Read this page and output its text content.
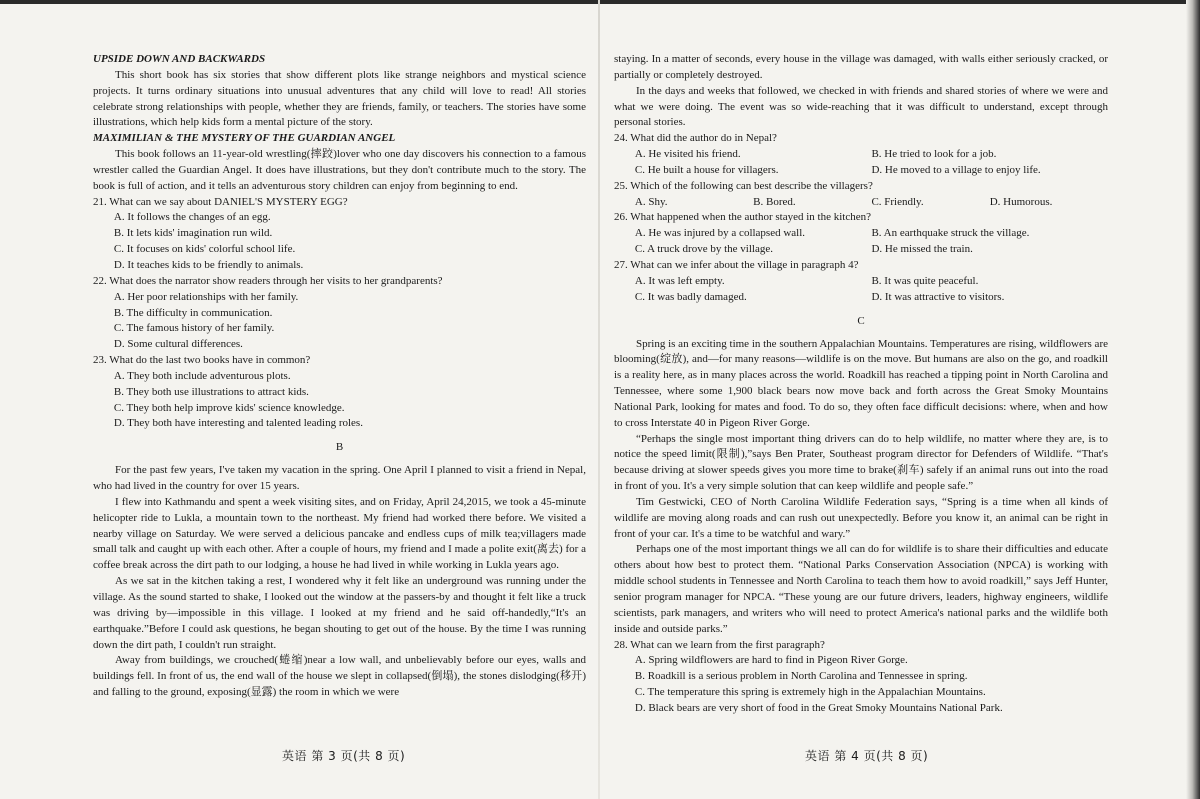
UPSIDE DOWN AND BACKWARDS

This short book has six stories that show different plots like strange neighbors and mystical science projects. It turns ordinary situations into unusual adventures that any child will love to read! All stories celebrate strong relationships with people, whether they are friends, family, or teachers. The stories have some illustrations, which help kids form a mental picture of the story.

MAXIMILIAN & THE MYSTERY OF THE GUARDIAN ANGEL

This book follows an 11-year-old wrestling(摔跤)lover who one day discovers his connection to a famous wrestler called the Guardian Angel. It does have illustrations, but they don't contribute much to the story. The book is full of action, and it tells an adventurous story children can enjoy from beginning to end.

21. What can we say about DANIEL'S MYSTERY EGG?
A. It follows the changes of an egg.
B. It lets kids' imagination run wild.
C. It focuses on kids' colorful school life.
D. It teaches kids to be friendly to animals.
22. What does the narrator show readers through her visits to her grandparents?
A. Her poor relationships with her family.
B. The difficulty in communication.
C. The famous history of her family.
D. Some cultural differences.
23. What do the last two books have in common?
A. They both include adventurous plots.
B. They both use illustrations to attract kids.
C. They both help improve kids' science knowledge.
D. They both have interesting and talented leading roles.
B

For the past few years, I've taken my vacation in the spring. One April I planned to visit a friend in Nepal, who had lived in the country for over 15 years.

I flew into Kathmandu and spent a week visiting sites, and on Friday, April 24,2015, we took a 45-minute helicopter ride to Lukla, a mountain town to the northeast. My friend had worked there before. We visited a nearby village on Saturday. We were served a delicious pancake and endless cups of milk tea;villagers made small talk and caught up with each other. After a couple of hours, my friend and I made a polite exit(离去) for a coffee break across the dirt path to our lodging, a house he had lived in while working in Lukla years ago.

As we sat in the kitchen taking a rest, I wondered why it felt like an underground was running under the village. As the sound started to shake, I looked out the window at the passers-by and thought it felt like a truck was driving by—impossible in this village. I looked at my friend and he said off-handedly,“It's an earthquake.”Before I could ask questions, he began shouting to get out of the house. By the time I was running down the dirt path, I couldn't run straight.

Away from buildings, we crouched(蜷缩)near a low wall, and unbelievably before our eyes, walls and buildings fell. In front of us, the end wall of the house we slept in collapsed(倒塌), the stones dislodging(移开) and falling to the ground, exposing(显露) the room in which we were

staying. In a matter of seconds, every house in the village was damaged, with walls either seriously cracked, or partially or completely destroyed.

In the days and weeks that followed, we checked in with friends and shared stories of where we were and what we were doing. The event was so wide-reaching that it was difficult to understand, except through personal stories.

24. What did the author do in Nepal?
A. He visited his friend.	B. He tried to look for a job.
C. He built a house for villagers.	D. He moved to a village to enjoy life.
25. Which of the following can best describe the villagers?
A. Shy.	B. Bored.	C. Friendly.	D. Humorous.
26. What happened when the author stayed in the kitchen?
A. He was injured by a collapsed wall.	B. An earthquake struck the village.
C. A truck drove by the village.	D. He missed the train.
27. What can we infer about the village in paragraph 4?
A. It was left empty.	B. It was quite peaceful.
C. It was badly damaged.	D. It was attractive to visitors.
C

Spring is an exciting time in the southern Appalachian Mountains. Temperatures are rising, wildflowers are blooming(绽放), and—for many reasons—wildlife is on the move. But humans are also on the go, and roadkill is a reality here, as in many places across the world. Roadkill has reached a tipping point in North Carolina and Tennessee, where some 1,900 black bears now move back and forth across the Great Smoky Mountains National Park, looking for mates and food. To do so, they often face difficult decisions: where, when and how to cross Interstate 40 in Pigeon River Gorge.

“Perhaps the single most important thing drivers can do to help wildlife, no matter where they are, is to notice the speed limit(限制),”says Ben Prater, Southeast program director for Defenders of Wildlife. “That's because driving at slower speeds gives you more time to brake(刹车) safely if an animal runs out into the road in front of you. It's a very simple solution that can keep wildlife and people safe.”

Tim Gestwicki, CEO of North Carolina Wildlife Federation says, “Spring is a time when all kinds of wildlife are moving along roads and can rush out unexpectedly. Before you know it, an animal can be right in front of your car. It's a time to be watchful and wary.”

Perhaps one of the most important things we all can do for wildlife is to share their difficulties and educate others about how best to protect them. “National Parks Conservation Association (NPCA) is working with middle school students in Tennessee and North Carolina to teach them how to avoid roadkill,” says Jeff Hunter, senior program manager for NPCA. “These young are our future drivers, leaders, highway engineers, wildlife scientists, park managers, and writers who will need to protect America's national parks and the wildlife both inside and outside parks.”

28. What can we learn from the first paragraph?
A. Spring wildflowers are hard to find in Pigeon River Gorge.
B. Roadkill is a serious problem in North Carolina and Tennessee in spring.
C. The temperature this spring is extremely high in the Appalachian Mountains.
D. Black bears are very short of food in the Great Smoky Mountains National Park.
英语 第 3 页(共 8 页)	英语 第 4 页(共 8 页)
